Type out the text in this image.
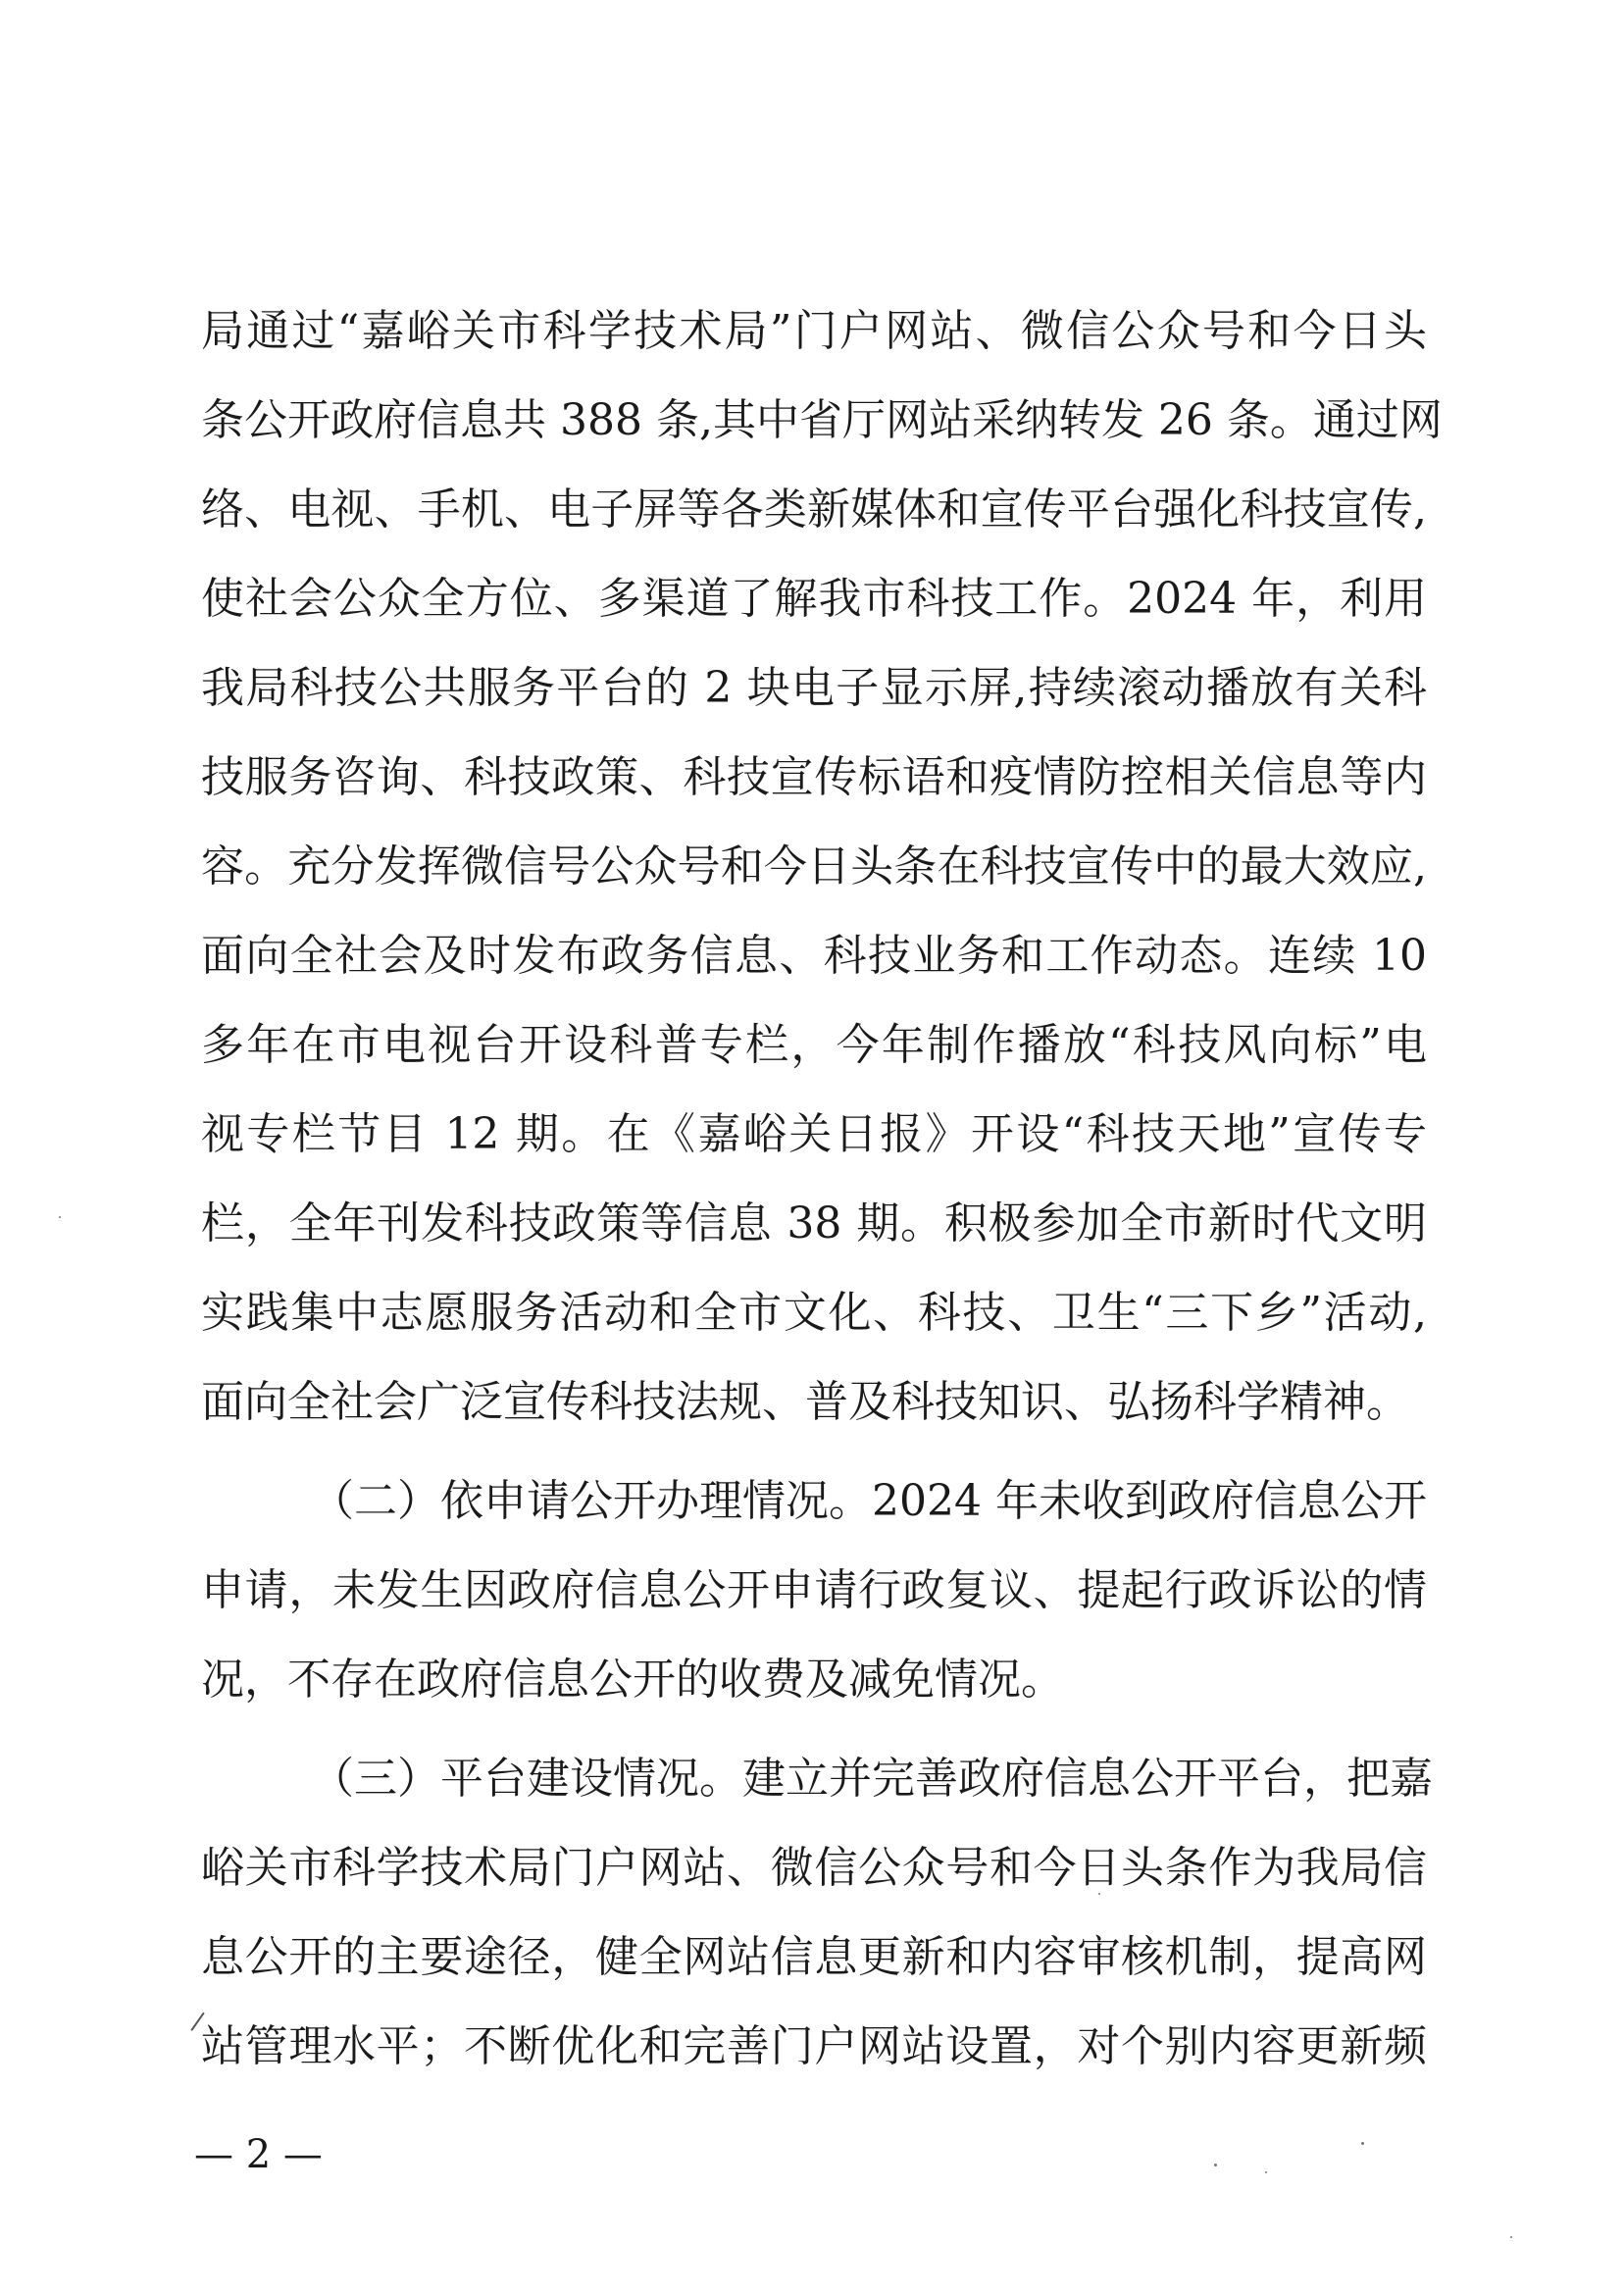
局通过“嘉峪关市科学技术局”门户网站、微信公众号和今日头
条公开政府信息共 388 条,其中省厅网站采纳转发 26 条。通过网
络、电视、手机、电子屏等各类新媒体和宣传平台强化科技宣传,
使社会公众全方位、多渠道了解我市科技工作。2024 年，利用
我局科技公共服务平台的 2 块电子显示屏,持续滚动播放有关科
技服务咨询、科技政策、科技宣传标语和疫情防控相关信息等内
容。充分发挥微信号公众号和今日头条在科技宣传中的最大效应,
面向全社会及时发布政务信息、科技业务和工作动态。连续 10
多年在市电视台开设科普专栏，今年制作播放“科技风向标”电
视专栏节目 12 期。在《嘉峪关日报》开设“科技天地”宣传专
栏，全年刊发科技政策等信息 38 期。积极参加全市新时代文明
实践集中志愿服务活动和全市文化、科技、卫生“三下乡”活动,
面向全社会广泛宣传科技法规、普及科技知识、弘扬科学精神。
（二）依申请公开办理情况。2024 年未收到政府信息公开
申请，未发生因政府信息公开申请行政复议、提起行政诉讼的情
况，不存在政府信息公开的收费及减免情况。
（三）平台建设情况。建立并完善政府信息公开平台，把嘉
峪关市科学技术局门户网站、微信公众号和今日头条作为我局信
息公开的主要途径，健全网站信息更新和内容审核机制，提高网
站管理水平；不断优化和完善门户网站设置，对个别内容更新频
— 2 —
